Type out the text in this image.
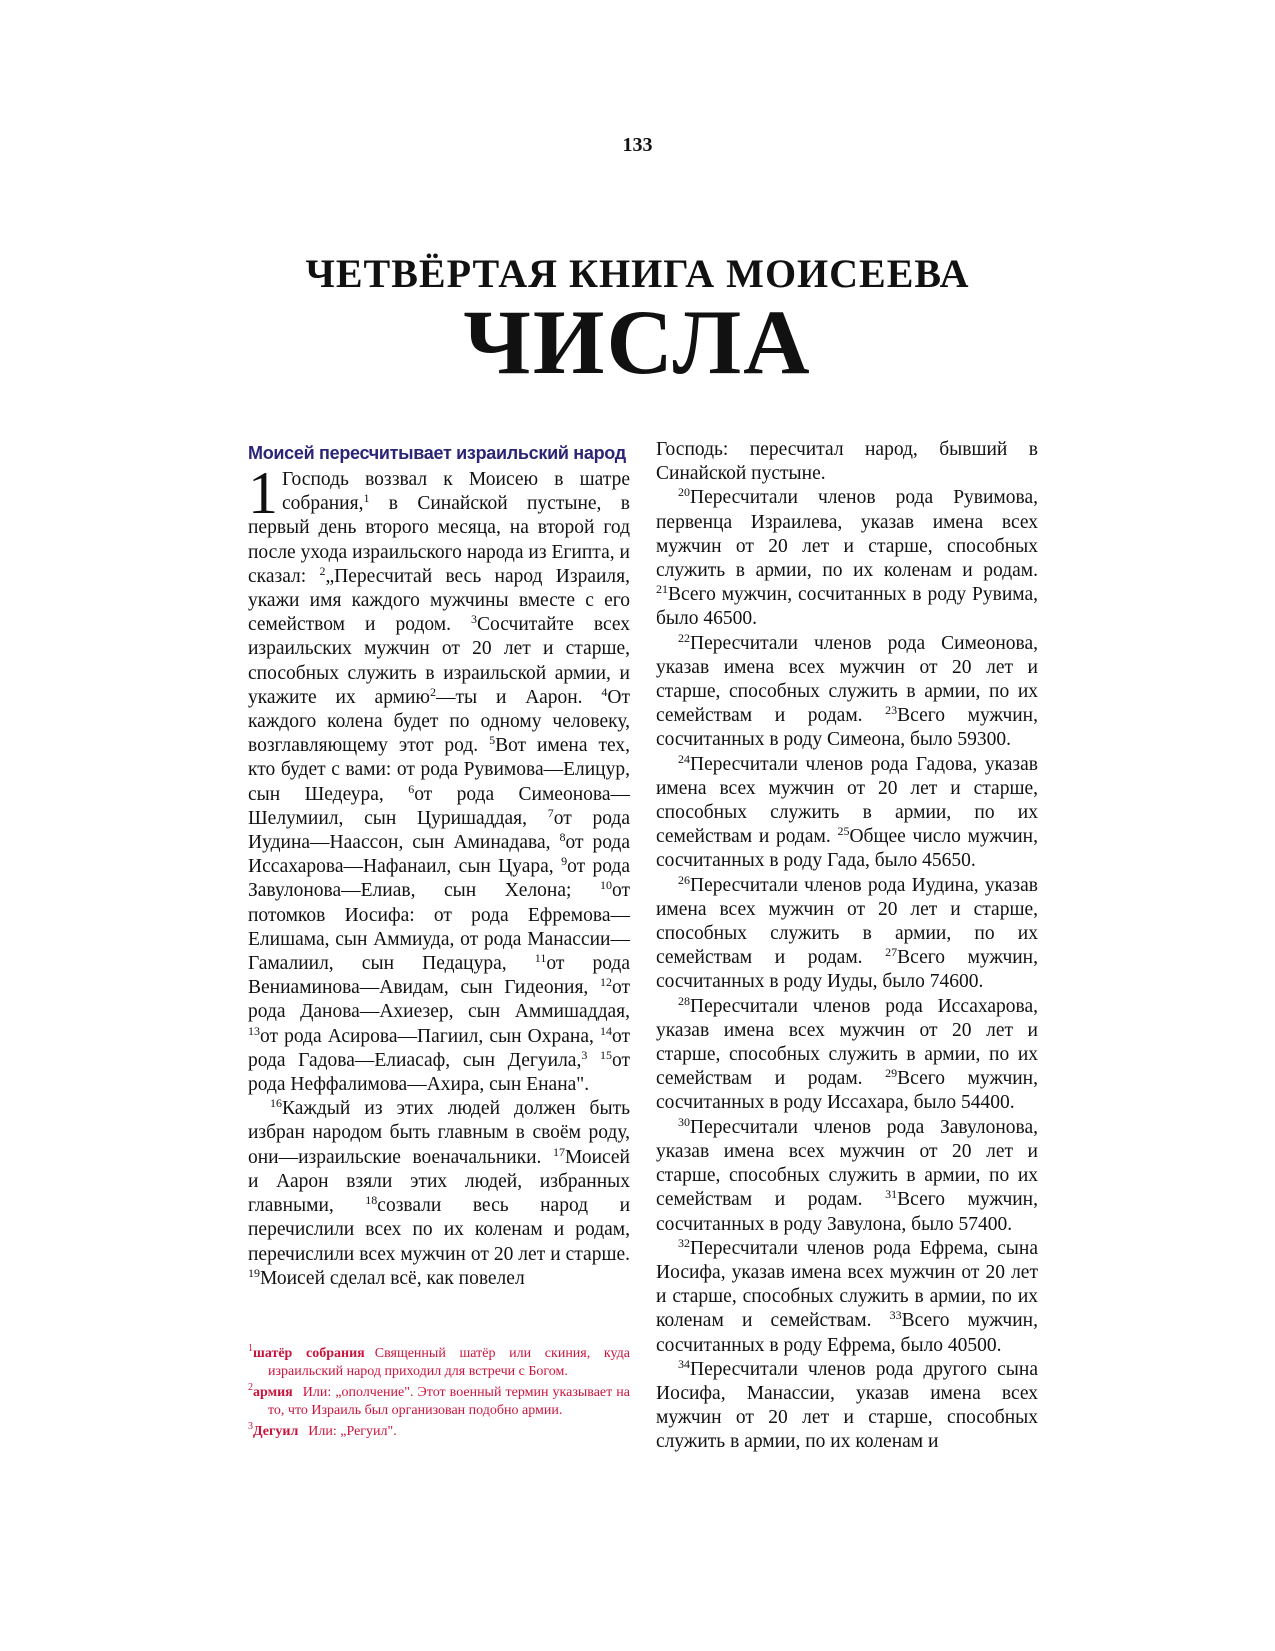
133
ЧЕТВЁРТАЯ КНИГА МОИСЕЕВА
ЧИСЛА
Моисей пересчитывает израильский народ
1 Господь воззвал к Моисею в шатре собрания,$^1$ в Синайской пустыне, в первый день второго месяца, на второй год после ухода израильского народа из Египта, и сказал: $^2$„Пересчитай весь народ Израиля, укажи имя каждого мужчины вместе с его семейством и родом. $^3$Сосчитайте всех израильских мужчин от 20 лет и старше, способных служить в израильской армии, и укажите их армию$^2$—ты и Аарон. $^4$От каждого колена будет по одному человеку, возглавляющему этот род. $^5$Вот имена тех, кто будет с вами: от рода Рувимова—Елицур, сын Шедеура, $^6$от рода Симеонова—Шелумиил, сын Цуришаддая, $^7$от рода Иудина—Наассон, сын Аминадава, $^8$от рода Иссахарова—Нафанаил, сын Цуара, $^9$от рода Завулонова—Елиав, сын Хелона; $^{10}$от потомков Иосифа: от рода Ефремова—Елишама, сын Аммиуда, от рода Манассии—Гамалиил, сын Педацура, $^{11}$от рода Вениаминова—Авидам, сын Гидеония, $^{12}$от рода Данова—Ахиезер, сын Аммишаддая, $^{13}$от рода Асирова—Пагиил, сын Охрана, $^{14}$от рода Гадова—Елиасаф, сын Дегуила,$^3$ $^{15}$от рода Неффалимова—Ахира, сын Енана".

$^{16}$Каждый из этих людей должен быть избран народом быть главным в своём роду, они—израильские военачальники. $^{17}$Моисей и Аарон взяли этих людей, избранных главными, $^{18}$созвали весь народ и перечислили всех по их коленам и родам, перечислили всех мужчин от 20 лет и старше. $^{19}$Моисей сделал всё, как повелел

Господь: пересчитал народ, бывший в Синайской пустыне.

$^{20}$Пересчитали членов рода Рувимова, первенца Израилева, указав имена всех мужчин от 20 лет и старше, способных служить в армии, по их коленам и родам. $^{21}$Всего мужчин, сосчитанных в роду Рувима, было 46500.

$^{22}$Пересчитали членов рода Симеонова, указав имена всех мужчин от 20 лет и старше, способных служить в армии, по их семействам и родам. $^{23}$Всего мужчин, сосчитанных в роду Симеона, было 59300.

$^{24}$Пересчитали членов рода Гадова, указав имена всех мужчин от 20 лет и старше, способных служить в армии, по их семействам и родам. $^{25}$Общее число мужчин, сосчитанных в роду Гада, было 45650.

$^{26}$Пересчитали членов рода Иудина, указав имена всех мужчин от 20 лет и старше, способных служить в армии, по их семействам и родам. $^{27}$Всего мужчин, сосчитанных в роду Иуды, было 74600.

$^{28}$Пересчитали членов рода Иссахарова, указав имена всех мужчин от 20 лет и старше, способных служить в армии, по их семействам и родам. $^{29}$Всего мужчин, сосчитанных в роду Иссахара, было 54400.

$^{30}$Пересчитали членов рода Завулонова, указав имена всех мужчин от 20 лет и старше, способных служить в армии, по их семействам и родам. $^{31}$Всего мужчин, сосчитанных в роду Завулона, было 57400.

$^{32}$Пересчитали членов рода Ефрема, сына Иосифа, указав имена всех мужчин от 20 лет и старше, способных служить в армии, по их коленам и семействам. $^{33}$Всего мужчин, сосчитанных в роду Ефрема, было 40500.

$^{34}$Пересчитали членов рода другого сына Иосифа, Манассии, указав имена всех мужчин от 20 лет и старше, способных служить в армии, по их коленам и

$^1$шатёр собрания Священный шатёр или скиния, куда израильский народ приходил для встречи с Богом.
$^2$армия Или: „ополчение". Этот военный термин указывает на то, что Израиль был организован подобно армии.
$^3$Дегуил Или: „Регуил".
